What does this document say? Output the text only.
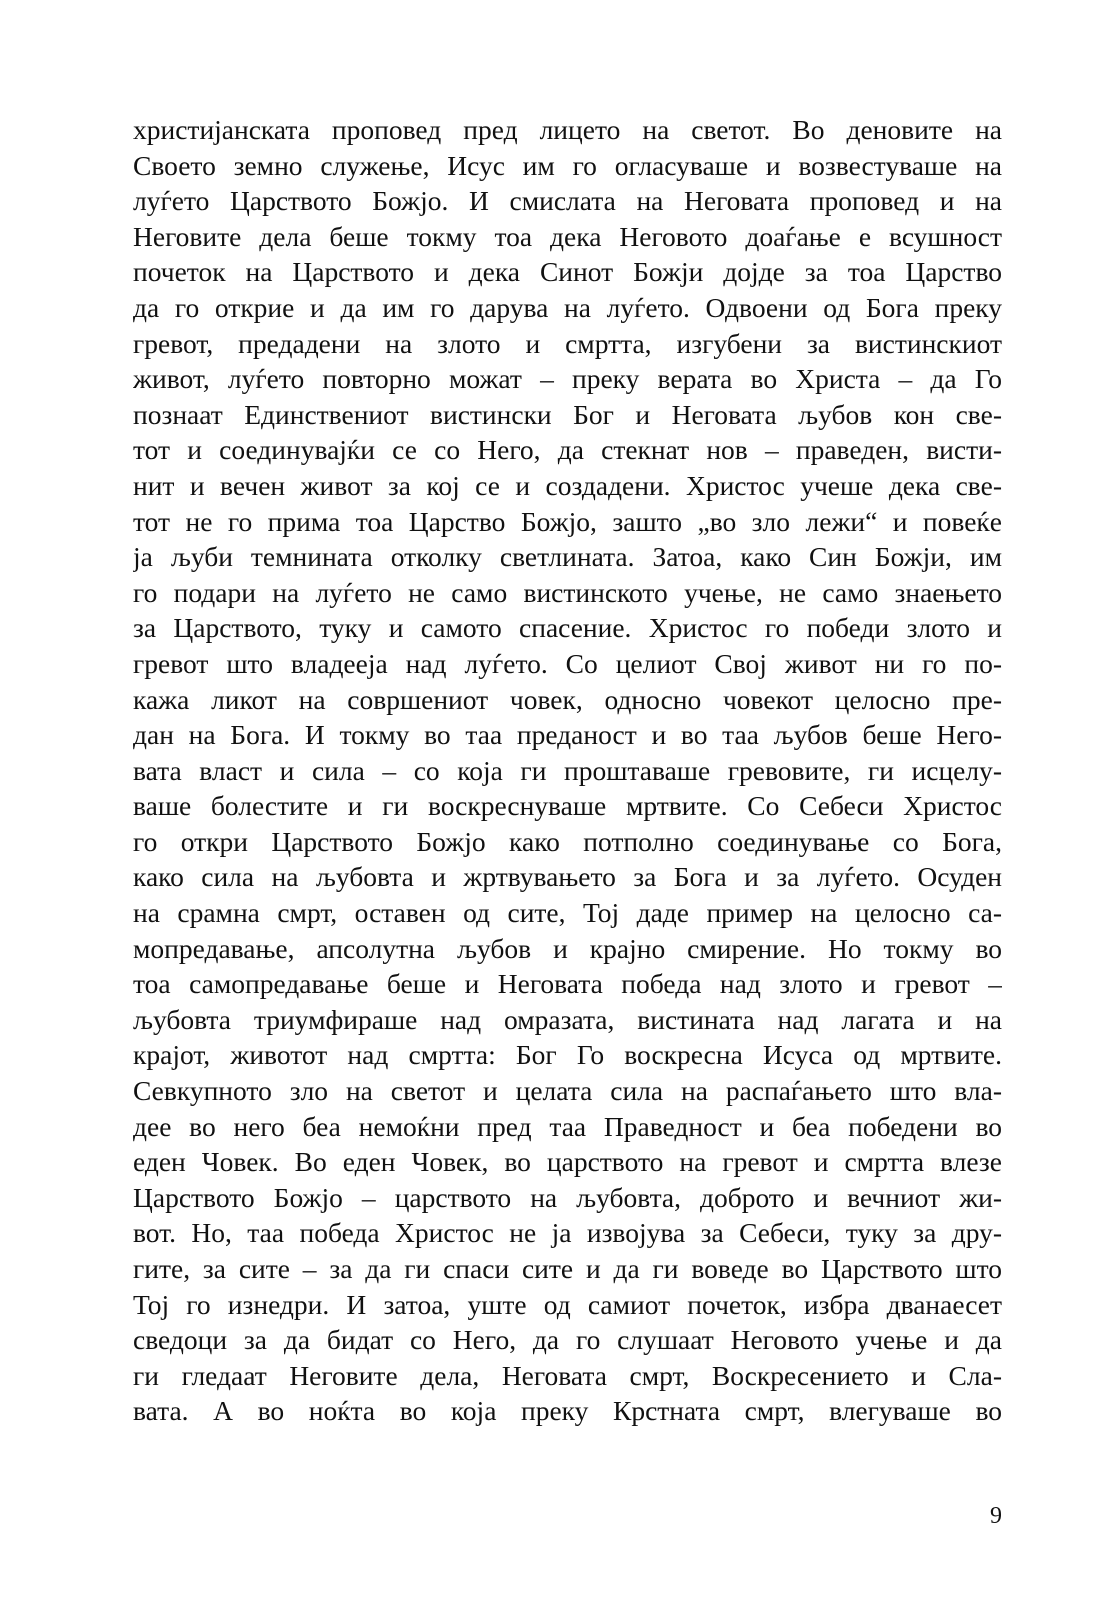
христијанската проповед пред лицето на светот. Во деновите на
Своето земно служење, Исус им го огласуваше и возвестуваше на
луѓето Царството Божјо. И смислата на Неговата проповед и на
Неговите дела беше токму тоа дека Неговото доаѓање е всушност
почеток на Царството и дека Синот Божји дојде за тоа Царство
да го открие и да им го дарува на луѓето. Одвоени од Бога преку
гревот, предадени на злото и смртта, изгубени за вистинскиот
живот, луѓето повторно можат – преку верата во Христа – да Го
познаат Единствениот вистински Бог и Неговата љубов кон све-
тот и соединувајќи се со Него, да стекнат нов – праведен, висти-
нит и вечен живот за кој се и создадени. Христос учеше дека све-
тот не го прима тоа Царство Божјо, зашто „во зло лежи“ и повеќе
ја љуби темнината отколку светлината. Затоа, како Син Божји, им
го подари на луѓето не само вистинското учење, не само знаењето
за Царството, туку и самото спасение. Христос го победи злото и
гревот што владееја над луѓето. Со целиот Свој живот ни го по-
кажа ликот на совршениот човек, односно човекот целосно пре-
дан на Бога. И токму во таа преданост и во таа љубов беше Него-
вата власт и сила – со која ги проштаваше гревовите, ги исцелу-
ваше болестите и ги воскреснуваше мртвите. Со Себеси Христос
го откри Царството Божјо како потполно соединување со Бога,
како сила на љубовта и жртвувањето за Бога и за луѓето. Осуден
на срамна смрт, оставен од сите, Тој даде пример на целосно са-
мопредавање, апсолутна љубов и крајно смирение. Но токму во
тоа самопредавање беше и Неговата победа над злото и гревот –
љубовта триумфираше над омразата, вистината над лагата и на
крајот, животот над смртта: Бог Го воскресна Исуса од мртвите.
Севкупното зло на светот и целата сила на распаѓањето што вла-
дее во него беа немоќни пред таа Праведност и беа победени во
еден Човек. Во еден Човек, во царството на гревот и смртта влезе
Царството Божјо – царството на љубовта, доброто и вечниот жи-
вот. Но, таа победа Христос не ја извојува за Себеси, туку за дру-
гите, за сите – за да ги спаси сите и да ги воведе во Царството што
Тој го изнедри. И затоа, уште од самиот почеток, избра дванаесет
сведоци за да бидат со Него, да го слушаат Неговото учење и да
ги гледаат Неговите дела, Неговата смрт, Воскресението и Сла-
вата. А во ноќта во која преку Крстната смрт, влегуваше во
9
